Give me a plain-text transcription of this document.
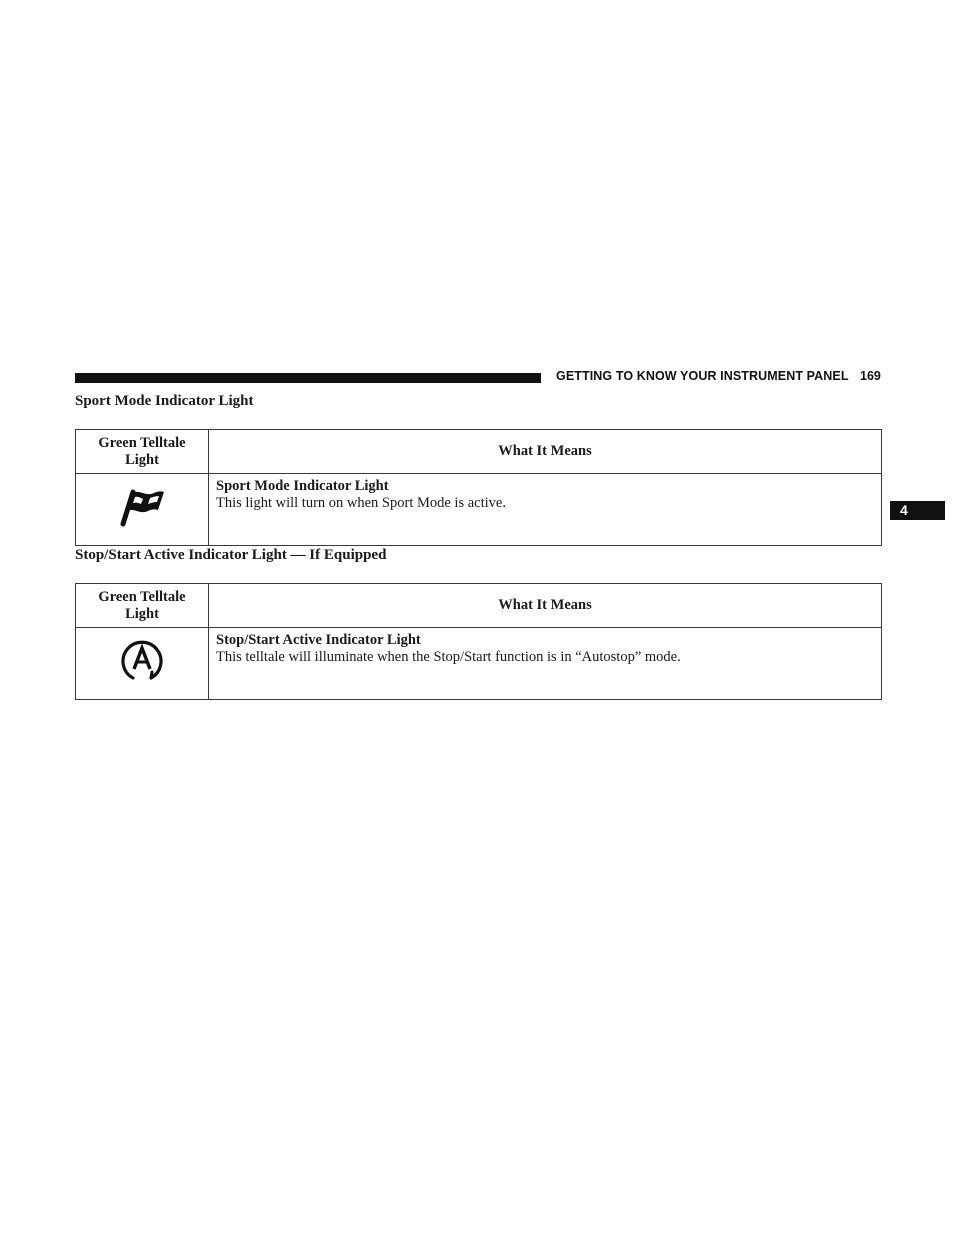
GETTING TO KNOW YOUR INSTRUMENT PANEL 169
4
Sport Mode Indicator Light
Green Telltale
Light	What It Means

Sport Mode Indicator Light
This light will turn on when Sport Mode is active.
Stop/Start Active Indicator Light — If Equipped
Green Telltale
Light	What It Means

Stop/Start Active Indicator Light
This telltale will illuminate when the Stop/Start function is in “Autostop” mode.
